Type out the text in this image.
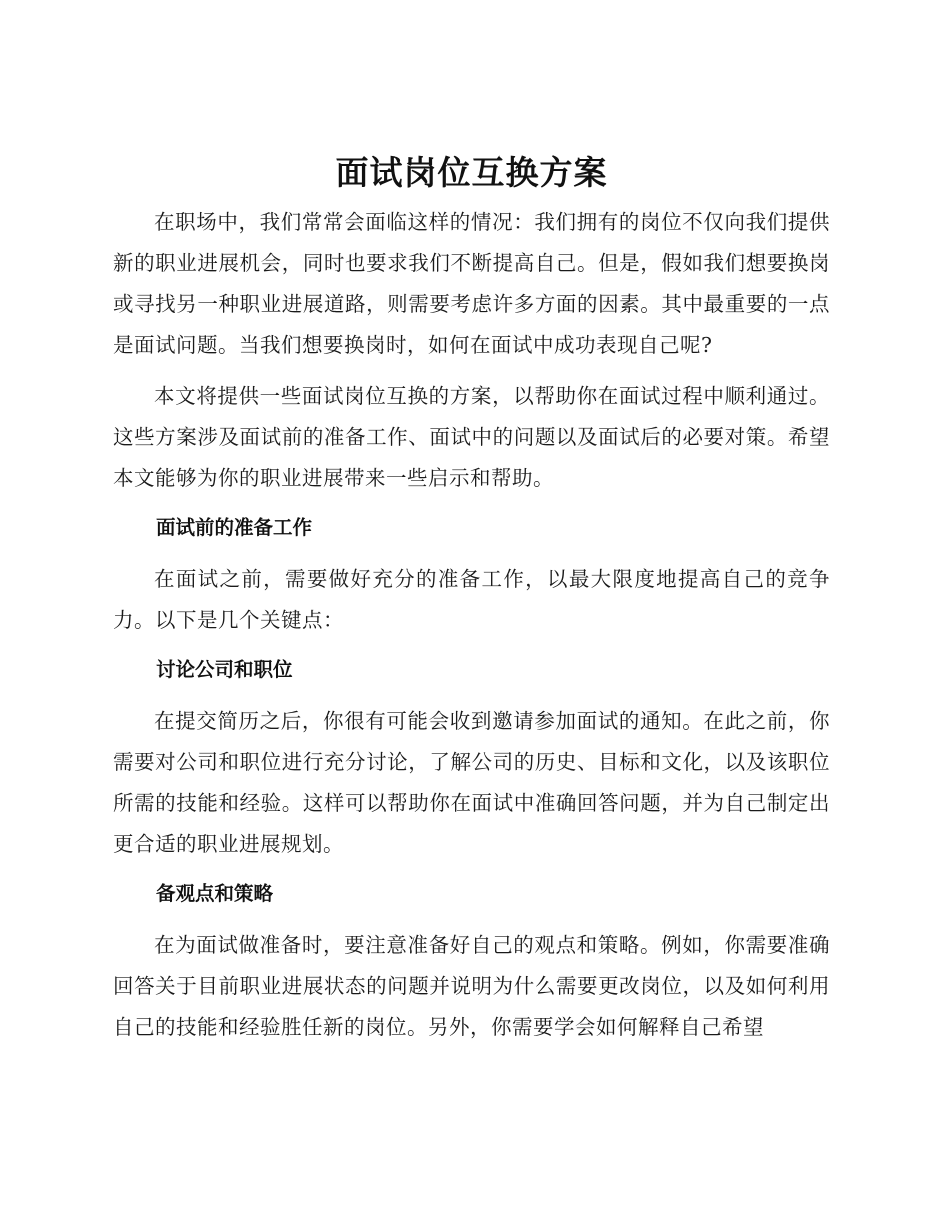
面试岗位互换方案

在职场中，我们常常会面临这样的情况：我们拥有的岗位不仅向我们提供新的职业进展机会，同时也要求我们不断提高自己。但是，假如我们想要换岗或寻找另一种职业进展道路，则需要考虑许多方面的因素。其中最重要的一点是面试问题。当我们想要换岗时，如何在面试中成功表现自己呢?

本文将提供一些面试岗位互换的方案，以帮助你在面试过程中顺利通过。这些方案涉及面试前的准备工作、面试中的问题以及面试后的必要对策。希望本文能够为你的职业进展带来一些启示和帮助。

面试前的准备工作

在面试之前，需要做好充分的准备工作，以最大限度地提高自己的竞争力。以下是几个关键点：

讨论公司和职位

在提交简历之后，你很有可能会收到邀请参加面试的通知。在此之前，你需要对公司和职位进行充分讨论，了解公司的历史、目标和文化，以及该职位所需的技能和经验。这样可以帮助你在面试中准确回答问题，并为自己制定出更合适的职业进展规划。

备观点和策略

在为面试做准备时，要注意准备好自己的观点和策略。例如，你需要准确回答关于目前职业进展状态的问题并说明为什么需要更改岗位，以及如何利用自己的技能和经验胜任新的岗位。另外，你需要学会如何解释自己希望
